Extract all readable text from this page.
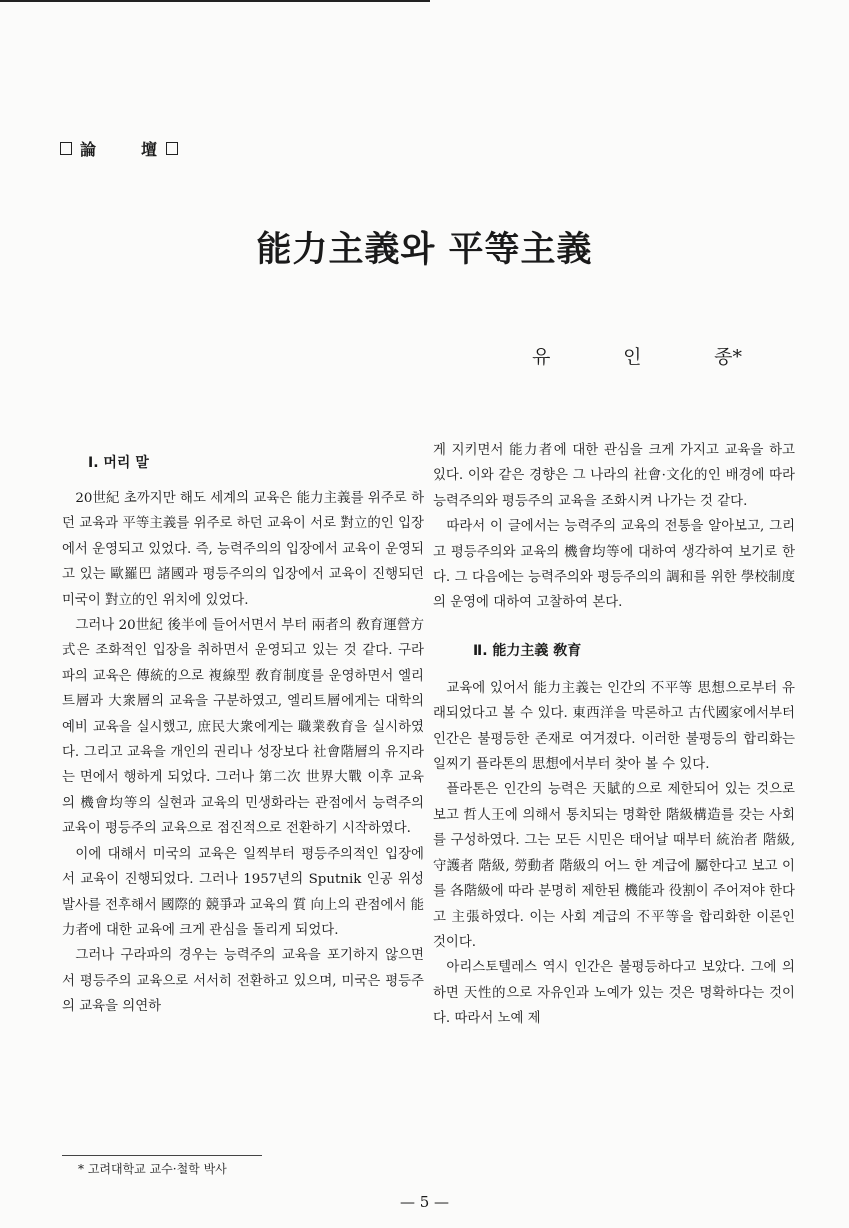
論	壇
能力主義와 平等主義
유	인	종*
I. 머리 말

20世紀 초까지만 해도 세계의 교육은 能力主義를 위주로 하던 교육과 平等主義를 위주로 하던 교육이 서로 對立的인 입장에서 운영되고 있었다. 즉, 능력주의의 입장에서 교육이 운영되고 있는 歐羅巴 諸國과 평등주의의 입장에서 교육이 진행되던 미국이 對立的인 위치에 있었다.

그러나 20世紀 後半에 들어서면서 부터 兩者의 敎育運營方式은 조화적인 입장을 취하면서 운영되고 있는 것 같다. 구라파의 교육은 傳統的으로 複線型 敎育制度를 운영하면서 엘리트層과 大衆層의 교육을 구분하였고, 엘리트層에게는 대학의 예비 교육을 실시했고, 庶民大衆에게는 職業敎育을 실시하였다. 그리고 교육을 개인의 권리나 성장보다 社會階層의 유지라는 면에서 행하게 되었다. 그러나 第二次 世界大戰 이후 교육의 機會均等의 실현과 교육의 민생화라는 관점에서 능력주의 교육이 평등주의 교육으로 점진적으로 전환하기 시작하였다.

이에 대해서 미국의 교육은 일찍부터 평등주의적인 입장에서 교육이 진행되었다. 그러나 1957년의 Sputnik 인공 위성 발사를 전후해서 國際的 競爭과 교육의 質 向上의 관점에서 能力者에 대한 교육에 크게 관심을 돌리게 되었다.

그러나 구라파의 경우는 능력주의 교육을 포기하지 않으면서 평등주의 교육으로 서서히 전환하고 있으며, 미국은 평등주의 교육을 의연하

게 지키면서 能力者에 대한 관심을 크게 가지고 교육을 하고 있다. 이와 같은 경향은 그 나라의 社會·文化的인 배경에 따라 능력주의와 평등주의 교육을 조화시켜 나가는 것 같다.

따라서 이 글에서는 능력주의 교육의 전통을 알아보고, 그리고 평등주의와 교육의 機會均等에 대하여 생각하여 보기로 한다. 그 다음에는 능력주의와 평등주의의 調和를 위한 學校制度의 운영에 대하여 고찰하여 본다.

Ⅱ. 能力主義 敎育

교육에 있어서 能力主義는 인간의 不平等 思想으로부터 유래되었다고 볼 수 있다. 東西洋을 막론하고 古代國家에서부터 인간은 불평등한 존재로 여겨졌다. 이러한 불평등의 합리화는 일찌기 플라톤의 思想에서부터 찾아 볼 수 있다.

플라톤은 인간의 능력은 天賦的으로 제한되어 있는 것으로 보고 哲人王에 의해서 통치되는 명확한 階級構造를 갖는 사회를 구성하였다. 그는 모든 시민은 태어날 때부터 統治者 階級, 守護者 階級, 勞動者 階級의 어느 한 계급에 屬한다고 보고 이를 各階級에 따라 분명히 제한된 機能과 役割이 주어져야 한다고 主張하였다. 이는 사회 계급의 不平等을 합리화한 이론인 것이다.

아리스토텔레스 역시 인간은 불평등하다고 보았다. 그에 의하면 天性的으로 자유인과 노예가 있는 것은 명확하다는 것이다. 따라서 노예 제

* 고려대학교 교수·철학 박사
— 5 —
